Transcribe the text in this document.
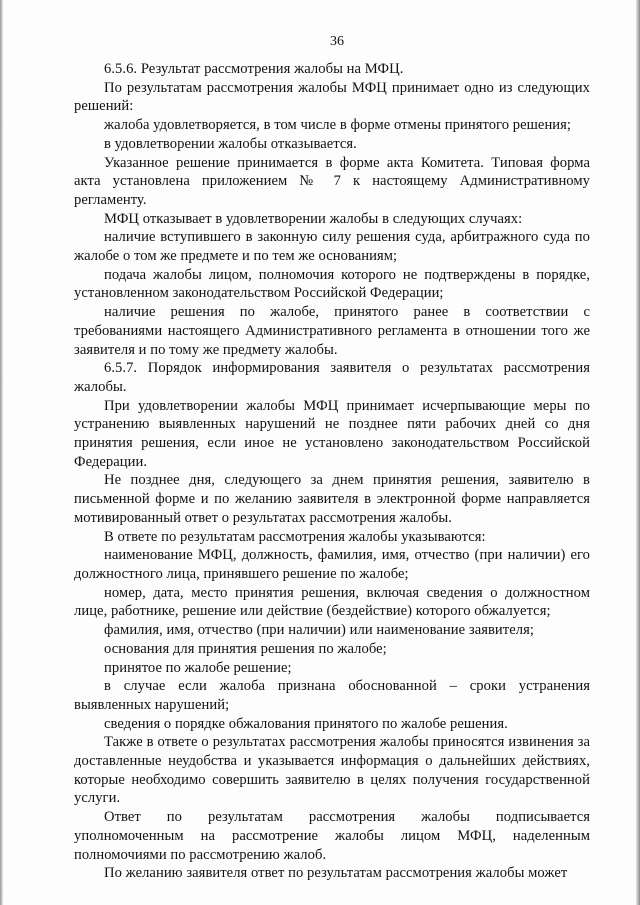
36

6.5.6. Результат рассмотрения жалобы на МФЦ.

По результатам рассмотрения жалобы МФЦ принимает одно из следующих решений:

жалоба удовлетворяется, в том числе в форме отмены принятого решения;

в удовлетворении жалобы отказывается.

Указанное решение принимается в форме акта Комитета. Типовая форма акта установлена приложением № 7 к настоящему Административному регламенту.

МФЦ отказывает в удовлетворении жалобы в следующих случаях:

наличие вступившего в законную силу решения суда, арбитражного суда по жалобе о том же предмете и по тем же основаниям;

подача жалобы лицом, полномочия которого не подтверждены в порядке, установленном законодательством Российской Федерации;

наличие решения по жалобе, принятого ранее в соответствии с требованиями настоящего Административного регламента в отношении того же заявителя и по тому же предмету жалобы.

6.5.7. Порядок информирования заявителя о результатах рассмотрения жалобы.

При удовлетворении жалобы МФЦ принимает исчерпывающие меры по устранению выявленных нарушений не позднее пяти рабочих дней со дня принятия решения, если иное не установлено законодательством Российской Федерации.

Не позднее дня, следующего за днем принятия решения, заявителю в письменной форме и по желанию заявителя в электронной форме направляется мотивированный ответ о результатах рассмотрения жалобы.

В ответе по результатам рассмотрения жалобы указываются:

наименование МФЦ, должность, фамилия, имя, отчество (при наличии) его должностного лица, принявшего решение по жалобе;

номер, дата, место принятия решения, включая сведения о должностном лице, работнике, решение или действие (бездействие) которого обжалуется;

фамилия, имя, отчество (при наличии) или наименование заявителя;

основания для принятия решения по жалобе;

принятое по жалобе решение;

в случае если жалоба признана обоснованной – сроки устранения выявленных нарушений;

сведения о порядке обжалования принятого по жалобе решения.

Также в ответе о результатах рассмотрения жалобы приносятся извинения за доставленные неудобства и указывается информация о дальнейших действиях, которые необходимо совершить заявителю в целях получения государственной услуги.

Ответ по результатам рассмотрения жалобы подписывается уполномоченным на рассмотрение жалобы лицом МФЦ, наделенным полномочиями по рассмотрению жалоб.

По желанию заявителя ответ по результатам рассмотрения жалобы может
